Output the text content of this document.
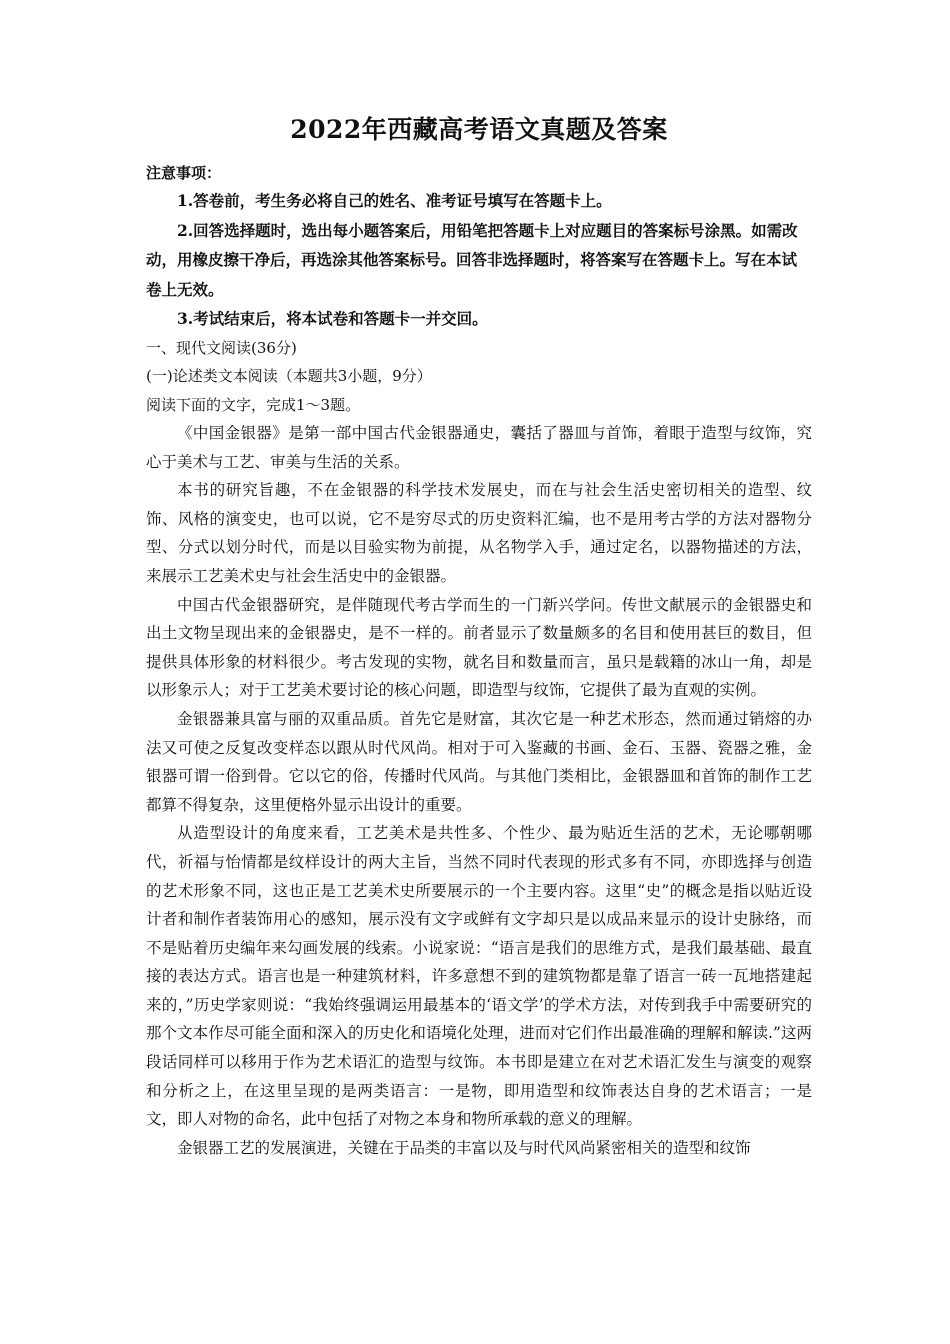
2022年西藏高考语文真题及答案

注意事项：

1.答卷前，考生务必将自己的姓名、准考证号填写在答题卡上。

2.回答选择题时，选出每小题答案后，用铅笔把答题卡上对应题目的答案标号涂黑。如需改动，用橡皮擦干净后，再选涂其他答案标号。回答非选择题时，将答案写在答题卡上。写在本试卷上无效。

3.考试结束后，将本试卷和答题卡一并交回。

一、现代文阅读(36分)

(一)论述类文本阅读（本题共3小题，9分）

阅读下面的文字，完成1～3题。

《中国金银器》是第一部中国古代金银器通史，囊括了器皿与首饰，着眼于造型与纹饰，究心于美术与工艺、审美与生活的关系。

本书的研究旨趣，不在金银器的科学技术发展史，而在与社会生活史密切相关的造型、纹饰、风格的演变史，也可以说，它不是穷尽式的历史资料汇编，也不是用考古学的方法对器物分型、分式以划分时代，而是以目验实物为前提，从名物学入手，通过定名，以器物描述的方法，来展示工艺美术史与社会生活史中的金银器。

中国古代金银器研究，是伴随现代考古学而生的一门新兴学问。传世文献展示的金银器史和出土文物呈现出来的金银器史，是不一样的。前者显示了数量颇多的名目和使用甚巨的数目，但提供具体形象的材料很少。考古发现的实物，就名目和数量而言，虽只是载籍的冰山一角，却是以形象示人；对于工艺美术要讨论的核心问题，即造型与纹饰，它提供了最为直观的实例。

金银器兼具富与丽的双重品质。首先它是财富，其次它是一种艺术形态，然而通过销熔的办法又可使之反复改变样态以跟从时代风尚。相对于可入鉴藏的书画、金石、玉器、瓷器之雅，金银器可谓一俗到骨。它以它的俗，传播时代风尚。与其他门类相比，金银器皿和首饰的制作工艺都算不得复杂，这里便格外显示出设计的重要。

从造型设计的角度来看，工艺美术是共性多、个性少、最为贴近生活的艺术，无论哪朝哪代，祈福与怡情都是纹样设计的两大主旨，当然不同时代表现的形式多有不同，亦即选择与创造的艺术形象不同，这也正是工艺美术史所要展示的一个主要内容。这里“史”的概念是指以贴近设计者和制作者装饰用心的感知，展示没有文字或鲜有文字却只是以成品来显示的设计史脉络，而不是贴着历史编年来勾画发展的线索。小说家说：“语言是我们的思维方式，是我们最基础、最直接的表达方式。语言也是一种建筑材料，许多意想不到的建筑物都是靠了语言一砖一瓦地搭建起来的，”历史学家则说：“我始终强调运用最基本的‘语文学’的学术方法，对传到我手中需要研究的那个文本作尽可能全面和深入的历史化和语境化处理，进而对它们作出最准确的理解和解读.”这两段话同样可以移用于作为艺术语汇的造型与纹饰。本书即是建立在对艺术语汇发生与演变的观察和分析之上，在这里呈现的是两类语言：一是物，即用造型和纹饰表达自身的艺术语言；一是文，即人对物的命名，此中包括了对物之本身和物所承载的意义的理解。

金银器工艺的发展演进，关键在于品类的丰富以及与时代风尚紧密相关的造型和纹饰
